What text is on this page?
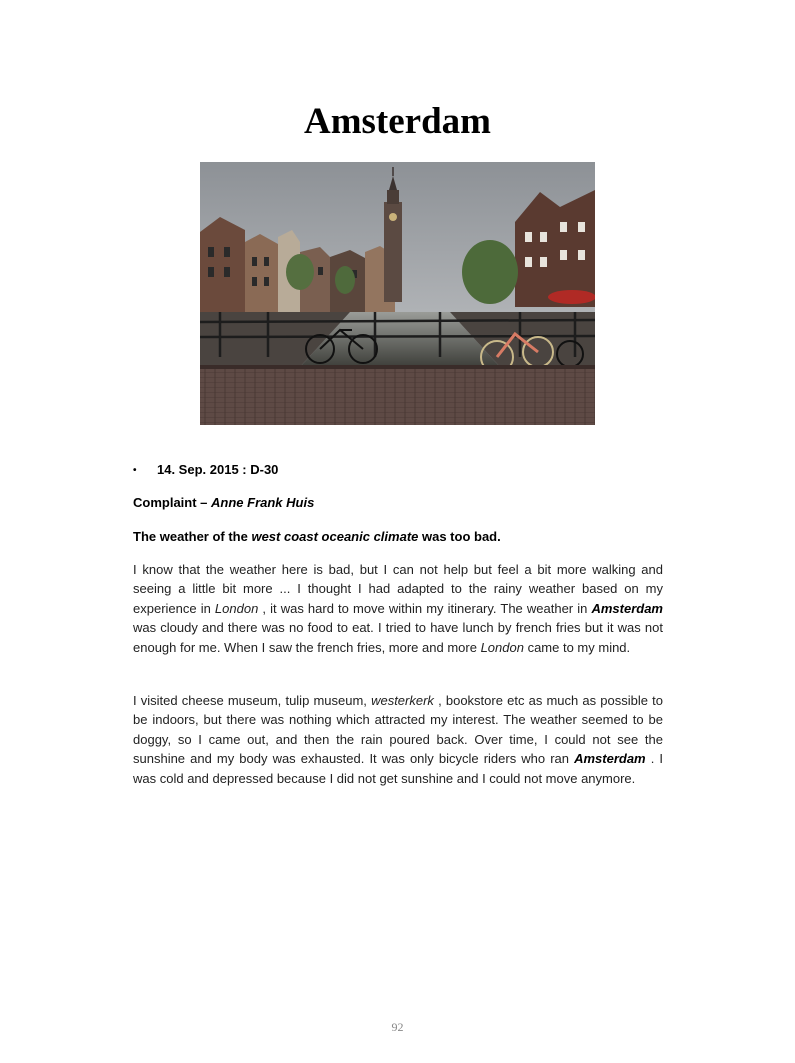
Amsterdam
• 14. Sep. 2015 : D-30
Complaint – Anne Frank Huis
The weather of the west coast oceanic climate was too bad.

I know that the weather here is bad, but I can not help but feel a bit more walking and seeing a little bit more ... I thought I had adapted to the rainy weather based on my experience in London , it was hard to move within my itinerary. The weather in Amsterdam was cloudy and there was no food to eat. I tried to have lunch by french fries but it was not enough for me. When I saw the french fries, more and more London came to my mind.

I visited cheese museum, tulip museum, westerkerk , bookstore etc as much as possible to be indoors, but there was nothing which attracted my interest. The weather seemed to be doggy, so I came out, and then the rain poured back. Over time, I could not see the sunshine and my body was exhausted. It was only bicycle riders who ran Amsterdam . I was cold and depressed because I did not get sunshine and I could not move anymore.

92
